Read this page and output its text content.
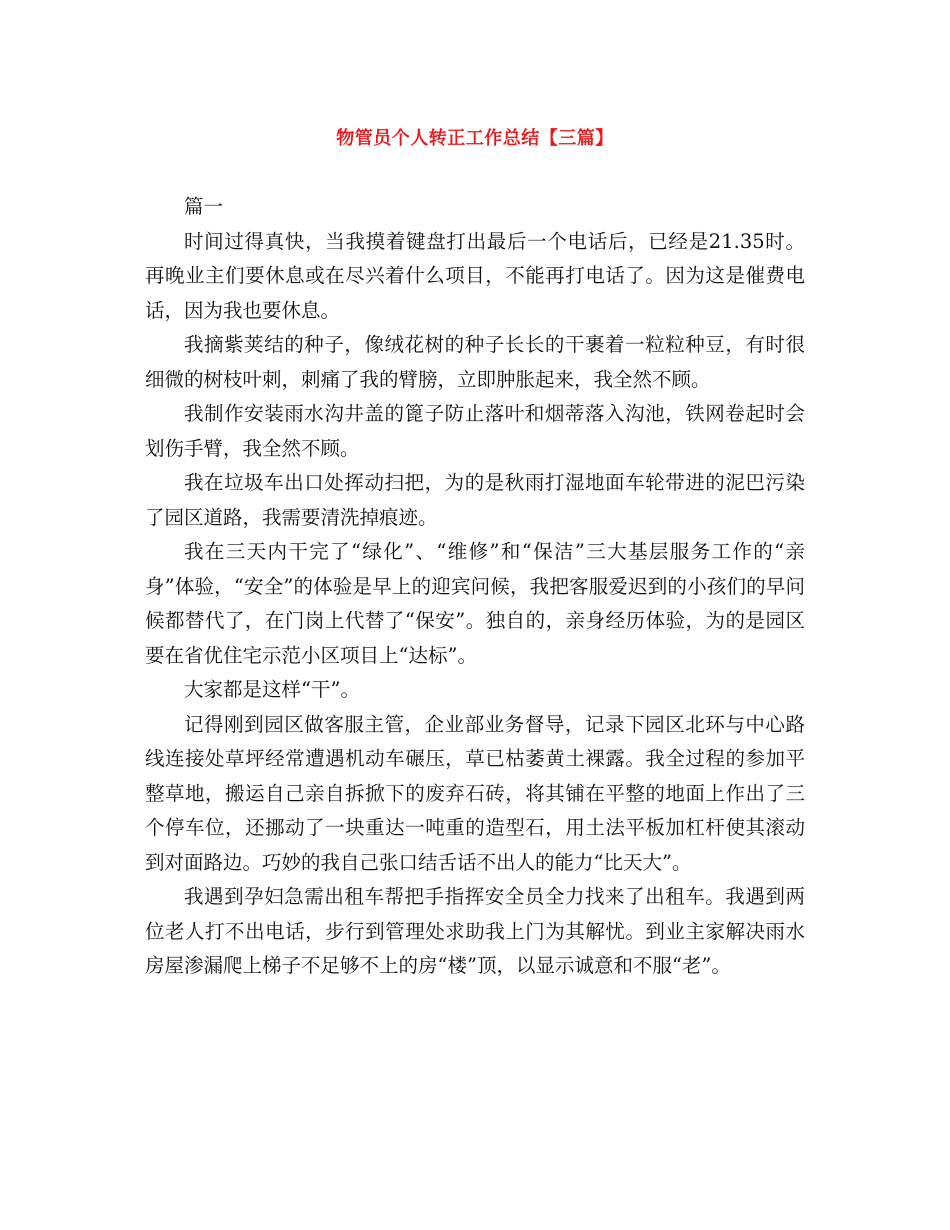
物管员个人转正工作总结【三篇】

篇一

时间过得真快，当我摸着键盘打出最后一个电话后，已经是21.35时。再晚业主们要休息或在尽兴着什么项目，不能再打电话了。因为这是催费电话，因为我也要休息。

我摘紫荚结的种子，像绒花树的种子长长的干裹着一粒粒种豆，有时很细微的树枝叶刺，刺痛了我的臂膀，立即肿胀起来，我全然不顾。

我制作安装雨水沟井盖的篦子防止落叶和烟蒂落入沟池，铁网卷起时会划伤手臂，我全然不顾。

我在垃圾车出口处挥动扫把，为的是秋雨打湿地面车轮带进的泥巴污染了园区道路，我需要清洗掉痕迹。

我在三天内干完了“绿化”、“维修”和“保洁”三大基层服务工作的“亲身”体验，“安全”的体验是早上的迎宾问候，我把客服爱迟到的小孩们的早问候都替代了，在门岗上代替了“保安”。独自的，亲身经历体验，为的是园区要在省优住宅示范小区项目上“达标”。

大家都是这样“干”。

记得刚到园区做客服主管，企业部业务督导，记录下园区北环与中心路线连接处草坪经常遭遇机动车碾压，草已枯萎黄土裸露。我全过程的参加平整草地，搬运自己亲自拆掀下的废弃石砖，将其铺在平整的地面上作出了三个停车位，还挪动了一块重达一吨重的造型石，用土法平板加杠杆使其滚动到对面路边。巧妙的我自己张口结舌话不出人的能力“比天大”。

我遇到孕妇急需出租车帮把手指挥安全员全力找来了出租车。我遇到两位老人打不出电话，步行到管理处求助我上门为其解忧。到业主家解决雨水房屋渗漏爬上梯子不足够不上的房“楼”顶，以显示诚意和不服“老”。
